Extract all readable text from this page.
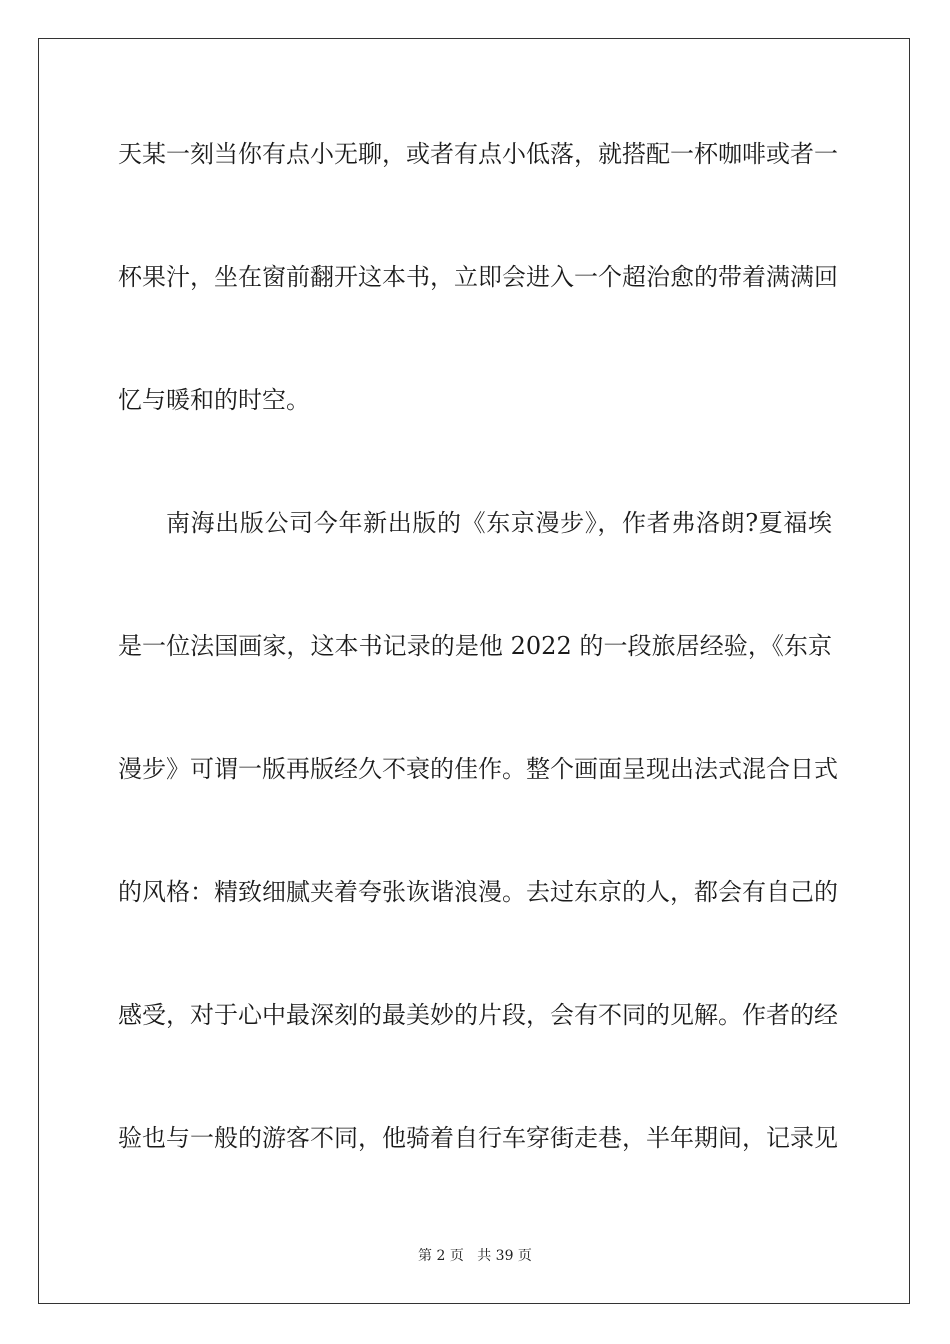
天某一刻当你有点小无聊，或者有点小低落，就搭配一杯咖啡或者一
杯果汁，坐在窗前翻开这本书，立即会进入一个超治愈的带着满满回
忆与暖和的时空。
南海出版公司今年新出版的《东京漫步》，作者弗洛朗?夏福埃
是一位法国画家，这本书记录的是他 2022 的一段旅居经验，《东京
漫步》可谓一版再版经久不衰的佳作。整个画面呈现出法式混合日式
的风格：精致细腻夹着夸张诙谐浪漫。去过东京的人，都会有自己的
感受，对于心中最深刻的最美妙的片段，会有不同的见解。作者的经
验也与一般的游客不同，他骑着自行车穿街走巷，半年期间，记录见
第 2 页 共 39 页
